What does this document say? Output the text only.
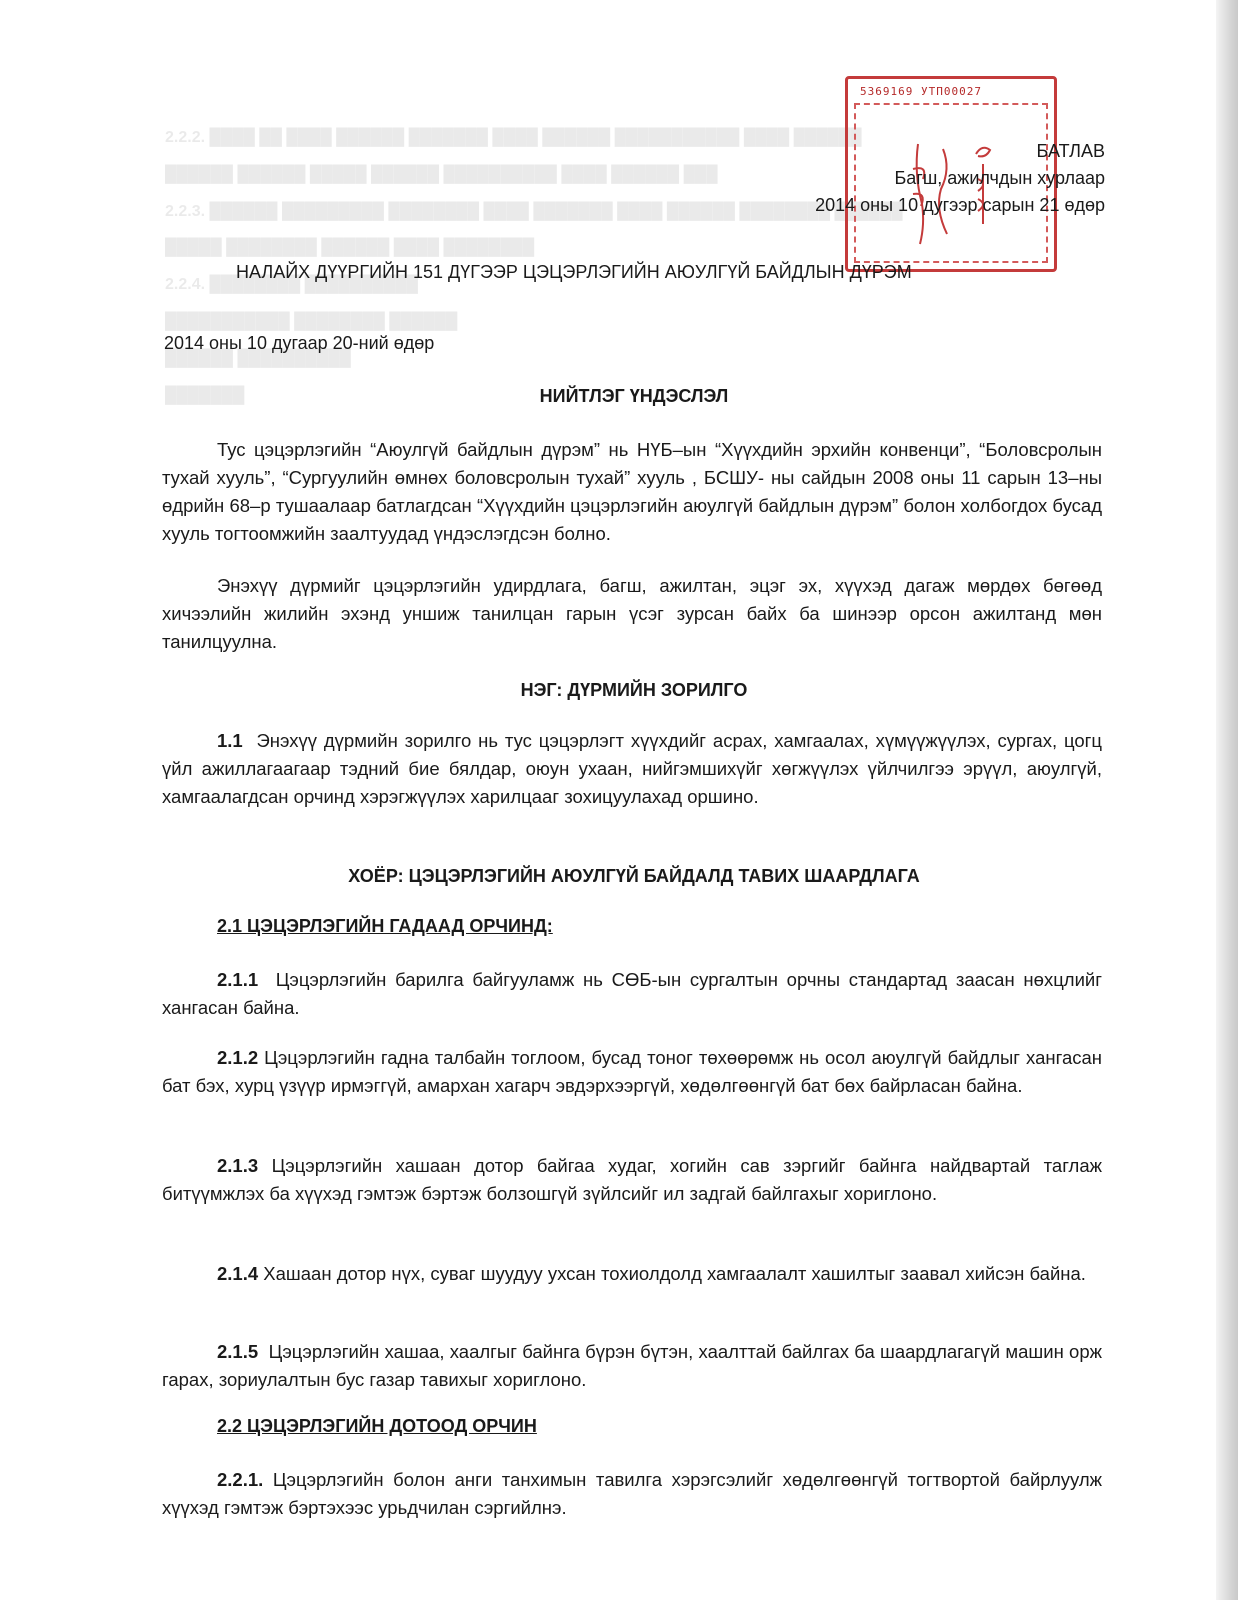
2.2.2. ████ ██ ████ ██████ ███████ ████ ██████ ███████████ ████ ██████
██████ ██████ █████ ██████ ██████████ ████ ██████ ███
2.2.3. ██████ █████████ ████████ ████ ███████ ████ ██████ ████████ ██████
█████ ████████ ██████ ████ ████████
2.2.4. ████████ ██████████
███████████ ████████ ██████
██████ ██████████
███████
5369169 УТП00027
БАТЛАВ
Багш, ажилчдын хурлаар
2014 оны 10 дугээр сарын 21 өдөр
НАЛАЙХ ДҮҮРГИЙН 151 ДҮГЭЭР ЦЭЦЭРЛЭГИЙН АЮУЛГҮЙ БАЙДЛЫН ДҮРЭМ
2014 оны 10 дугаар 20-ний өдөр
НИЙТЛЭГ ҮНДЭСЛЭЛ
Тус цэцэрлэгийн “Аюулгүй байдлын дүрэм” нь НҮБ–ын “Хүүхдийн эрхийн конвенци”, “Боловсролын тухай хууль”, “Сургуулийн өмнөх боловсролын тухай” хууль , БСШУ- ны сайдын 2008 оны 11 сарын 13–ны өдрийн 68–р тушаалаар батлагдсан “Хүүхдийн цэцэрлэгийн аюулгүй байдлын дүрэм” болон холбогдох бусад хууль тогтоомжийн заалтуудад үндэслэгдсэн болно.
Энэхүү дүрмийг цэцэрлэгийн удирдлага, багш, ажилтан, эцэг эх, хүүхэд дагаж мөрдөх бөгөөд хичээлийн жилийн эхэнд уншиж танилцан гарын үсэг зурсан байх ба шинээр орсон ажилтанд мөн танилцуулна.
НЭГ: ДҮРМИЙН ЗОРИЛГО
1.1 Энэхүү дүрмийн зорилго нь тус цэцэрлэгт хүүхдийг асрах, хамгаалах, хүмүүжүүлэх, сургах, цогц үйл ажиллагаагаар тэдний бие бялдар, оюун ухаан, нийгэмшихүйг хөгжүүлэх үйлчилгээ эрүүл, аюулгүй, хамгаалагдсан орчинд хэрэгжүүлэх харилцааг зохицуулахад оршино.
ХОЁР: ЦЭЦЭРЛЭГИЙН АЮУЛГҮЙ БАЙДАЛД ТАВИХ ШААРДЛАГА
2.1 ЦЭЦЭРЛЭГИЙН ГАДААД ОРЧИНД:
2.1.1 Цэцэрлэгийн барилга байгууламж нь СӨБ-ын сургалтын орчны стандартад заасан нөхцлийг хангасан байна.
2.1.2 Цэцэрлэгийн гадна талбайн тоглоом, бусад тоног төхөөрөмж нь осол аюулгүй байдлыг хангасан бат бэх, хурц үзүүр ирмэггүй, амархан хагарч эвдэрхээргүй, хөдөлгөөнгүй бат бөх байрласан байна.
2.1.3 Цэцэрлэгийн хашаан дотор байгаа худаг, хогийн сав зэргийг байнга найдвартай таглаж битүүмжлэх ба хүүхэд гэмтэж бэртэж болзошгүй зүйлсийг ил задгай байлгахыг хориглоно.
2.1.4 Хашаан дотор нүх, суваг шуудуу ухсан тохиолдолд хамгаалалт хашилтыг заавал хийсэн байна.
2.1.5 Цэцэрлэгийн хашаа, хаалгыг байнга бүрэн бүтэн, хаалттай байлгах ба шаардлагагүй машин орж гарах, зориулалтын бус газар тавихыг хориглоно.
2.2 ЦЭЦЭРЛЭГИЙН ДОТООД ОРЧИН
2.2.1. Цэцэрлэгийн болон анги танхимын тавилга хэрэгсэлийг хөдөлгөөнгүй тогтвортой байрлуулж хүүхэд гэмтэж бэртэхээс урьдчилан сэргийлнэ.
